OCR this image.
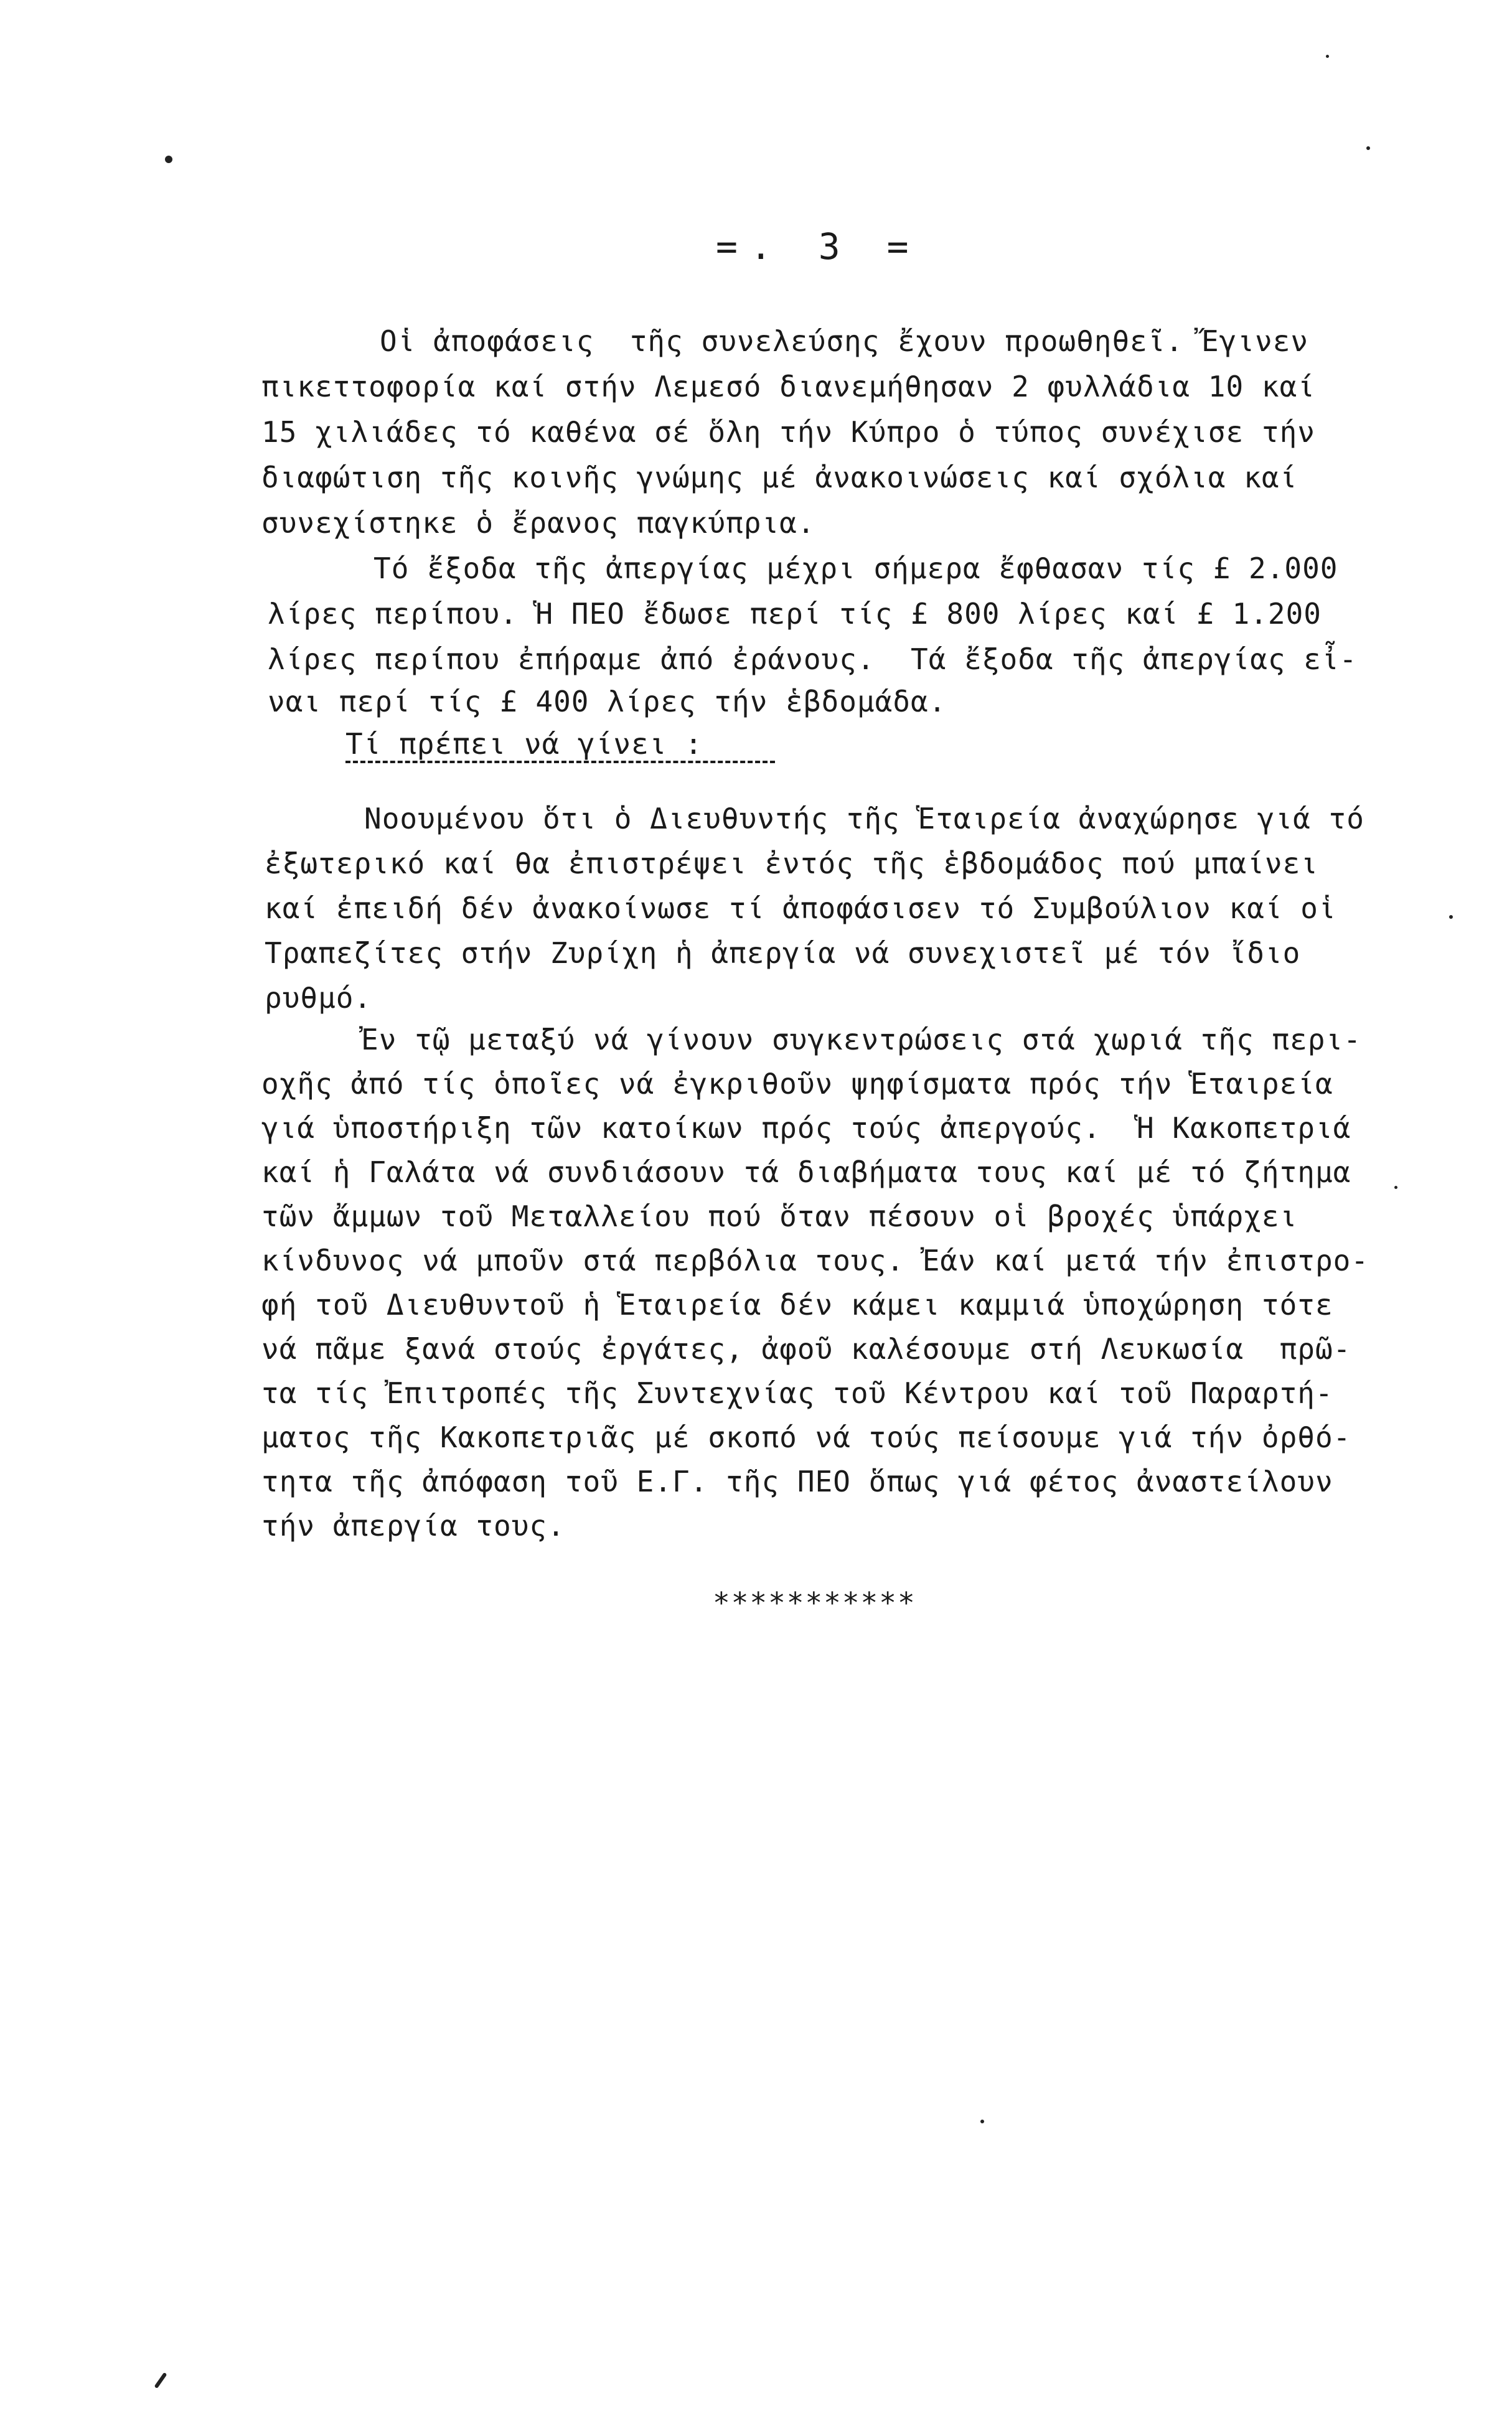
=. 3 =
Οἱ ἀποφάσεις  τῆς συνελεύσης ἔχουν προωθηθεῖ. Ἔγινεν
πικεττοφορία καί στήν Λεμεσό διανεμήθησαν 2 φυλλάδια 10 καί
15 χιλιάδες τό καθένα σέ ὅλη τήν Κύπρο ὁ τύπος συνέχισε τήν
διαφώτιση τῆς κοινῆς γνώμης μέ ἀνακοινώσεις καί σχόλια καί
συνεχίστηκε ὁ ἔρανος παγκύπρια.
Τό ἔξοδα τῆς ἀπεργίας μέχρι σήμερα ἔφθασαν τίς £ 2.000
λίρες περίπου. Ἡ ΠΕΟ ἔδωσε περί τίς £ 800 λίρες καί £ 1.200
λίρες περίπου ἐπήραμε ἀπό ἐράνους.  Τά ἔξοδα τῆς ἀπεργίας εἶ-
ναι περί τίς £ 400 λίρες τήν ἑβδομάδα.
Τί πρέπει νά γίνει :
Νοουμένου ὅτι ὁ Διευθυντής τῆς Ἑταιρεία ἀναχώρησε γιά τό
ἐξωτερικό καί θα ἐπιστρέψει ἐντός τῆς ἑβδομάδος πού μπαίνει
καί ἐπειδή δέν ἀνακοίνωσε τί ἀποφάσισεν τό Συμβούλιον καί οἱ
Τραπεζίτες στήν Ζυρίχη ἡ ἀπεργία νά συνεχιστεῖ μέ τόν ἴδιο
ρυθμό.
Ἐν τῷ μεταξύ νά γίνουν συγκεντρώσεις στά χωριά τῆς περι-
οχῆς ἀπό τίς ὁποῖες νά ἐγκριθοῦν ψηφίσματα πρός τήν Ἑταιρεία
γιά ὑποστήριξη τῶν κατοίκων πρός τούς ἀπεργούς.  Ἡ Κακοπετριά
καί ἡ Γαλάτα νά συνδιάσουν τά διαβήματα τους καί μέ τό ζήτημα
τῶν ἄμμων τοῦ Μεταλλείου πού ὅταν πέσουν οἱ βροχές ὑπάρχει
κίνδυνος νά μποῦν στά περβόλια τους. Ἐάν καί μετά τήν ἐπιστρο-
φή τοῦ Διευθυντοῦ ἡ Ἑταιρεία δέν κάμει καμμιά ὑποχώρηση τότε
νά πᾶμε ξανά στούς ἐργάτες, ἀφοῦ καλέσουμε στή Λευκωσία  πρῶ-
τα τίς Ἐπιτροπές τῆς Συντεχνίας τοῦ Κέντρου καί τοῦ Παραρτή-
ματος τῆς Κακοπετριᾶς μέ σκοπό νά τούς πείσουμε γιά τήν ὀρθό-
τητα τῆς ἀπόφαση τοῦ Ε.Γ. τῆς ΠΕΟ ὅπως γιά φέτος ἀναστείλουν
τήν ἀπεργία τους.
***********
